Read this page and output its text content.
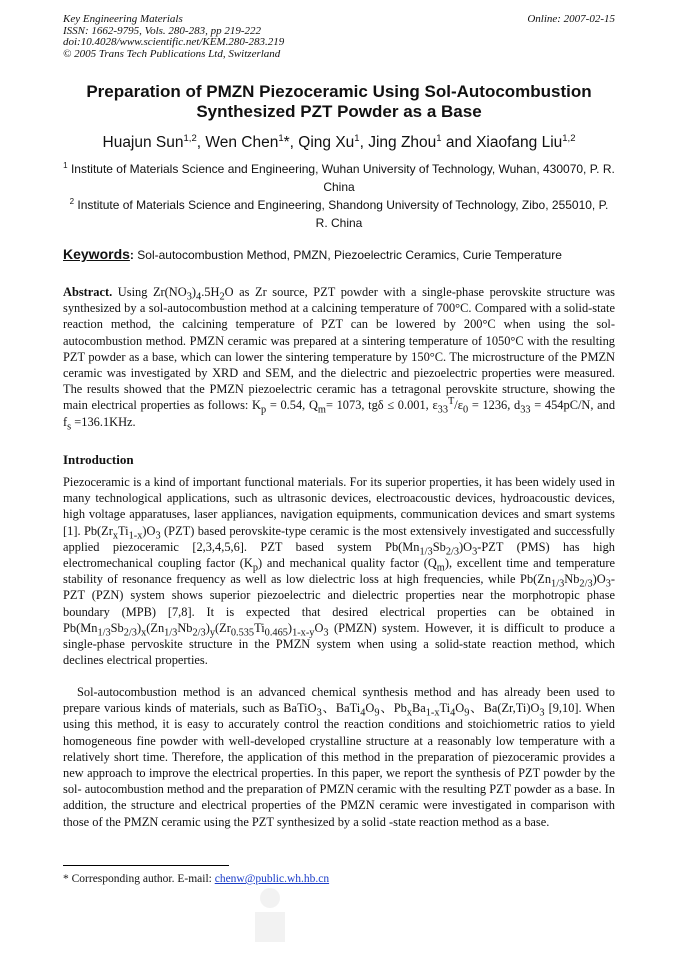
Key Engineering Materials
ISSN: 1662-9795, Vols. 280-283, pp 219-222
doi:10.4028/www.scientific.net/KEM.280-283.219
© 2005 Trans Tech Publications Ltd, Switzerland
Online: 2007-02-15
Preparation of PMZN Piezoceramic Using Sol-Autocombustion Synthesized PZT Powder as a Base
Huajun Sun$^{1,2}$, Wen Chen$^1$*, Qing Xu$^1$, Jing Zhou$^1$ and Xiaofang Liu$^{1,2}$
$^1$ Institute of Materials Science and Engineering, Wuhan University of Technology, Wuhan, 430070, P. R. China
$^2$ Institute of Materials Science and Engineering, Shandong University of Technology, Zibo, 255010, P. R. China
Keywords: Sol-autocombustion Method, PMZN, Piezoelectric Ceramics, Curie Temperature
Abstract. Using $Zr(NO_3)_4.5H_2O$ as Zr source, PZT powder with a single-phase perovskite structure was synthesized by a sol-autocombustion method at a calcining temperature of 700°C. Compared with a solid-state reaction method, the calcining temperature of PZT can be lowered by 200°C when using the sol-autocombustion method. PMZN ceramic was prepared at a sintering temperature of 1050°C with the resulting PZT powder as a base, which can lower the sintering temperature by 150°C. The microstructure of the PMZN ceramic was investigated by XRD and SEM, and the dielectric and piezoelectric properties were measured. The results showed that the PMZN piezoelectric ceramic has a tetragonal perovskite structure, showing the main electrical properties as follows: $K_p = 0.54$, $Q_m= 1073$, tgδ ≤ 0.001, $\varepsilon_{33}^T/\varepsilon_0 = 1236$, $d_{33} = 454pC/N$, and $f_s =136.1KHz$.
Introduction
Piezoceramic is a kind of important functional materials. For its superior properties, it has been widely used in many technological applications, such as ultrasonic devices, electroacoustic devices, hydroacoustic devices, high voltage apparatuses, laser appliances, navigation equipments, communication devices and smart systems [1]. $Pb(Zr_xTi_{1-x})O_3$ (PZT) based perovskite-type ceramic is the most extensively investigated and successfully applied piezoceramic [2,3,4,5,6]. PZT based system $Pb(Mn_{1/3}Sb_{2/3})O_3$-PZT (PMS) has high electromechanical coupling factor $(K_p)$ and mechanical quality factor $(Q_m)$, excellent time and temperature stability of resonance frequency as well as low dielectric loss at high frequencies, while $Pb(Zn_{1/3}Nb_{2/3})O_3$-PZT (PZN) system shows superior piezoelectric and dielectric properties near the morphotropic phase boundary (MPB) [7,8]. It is expected that desired electrical properties can be obtained in $Pb(Mn_{1/3}Sb_{2/3})_x(Zn_{1/3}Nb_{2/3})_y(Zr_{0.535}Ti_{0.465})_{1-x-y}O_3$ (PMZN) system. However, it is difficult to produce a single-phase pervoskite structure in the PMZN system when using a solid-state reaction method, which declines electrical properties.
Sol-autocombustion method is an advanced chemical synthesis method and has already been used to prepare various kinds of materials, such as BaTiO$_3$、$BaTi_4O_9$、$Pb_xBa_{1-x}Ti_4O_9$、$Ba(Zr,Ti)O_3$ [9,10]. When using this method, it is easy to accurately control the reaction conditions and stoichiometric ratios to yield homogeneous fine powder with well-developed crystalline structure at a reasonably low temperature with a relatively short time. Therefore, the application of this method in the preparation of piezoceramic provides a new approach to improve the electrical properties. In this paper, we report the synthesis of PZT powder by the sol- autocombustion method and the preparation of PMZN ceramic with the resulting PZT powder as a base. In addition, the structure and electrical properties of the PMZN ceramic were investigated in comparison with those of the PMZN ceramic using the PZT synthesized by a solid -state reaction method as a base.
* Corresponding author. E-mail: chenw@public.wh.hb.cn
